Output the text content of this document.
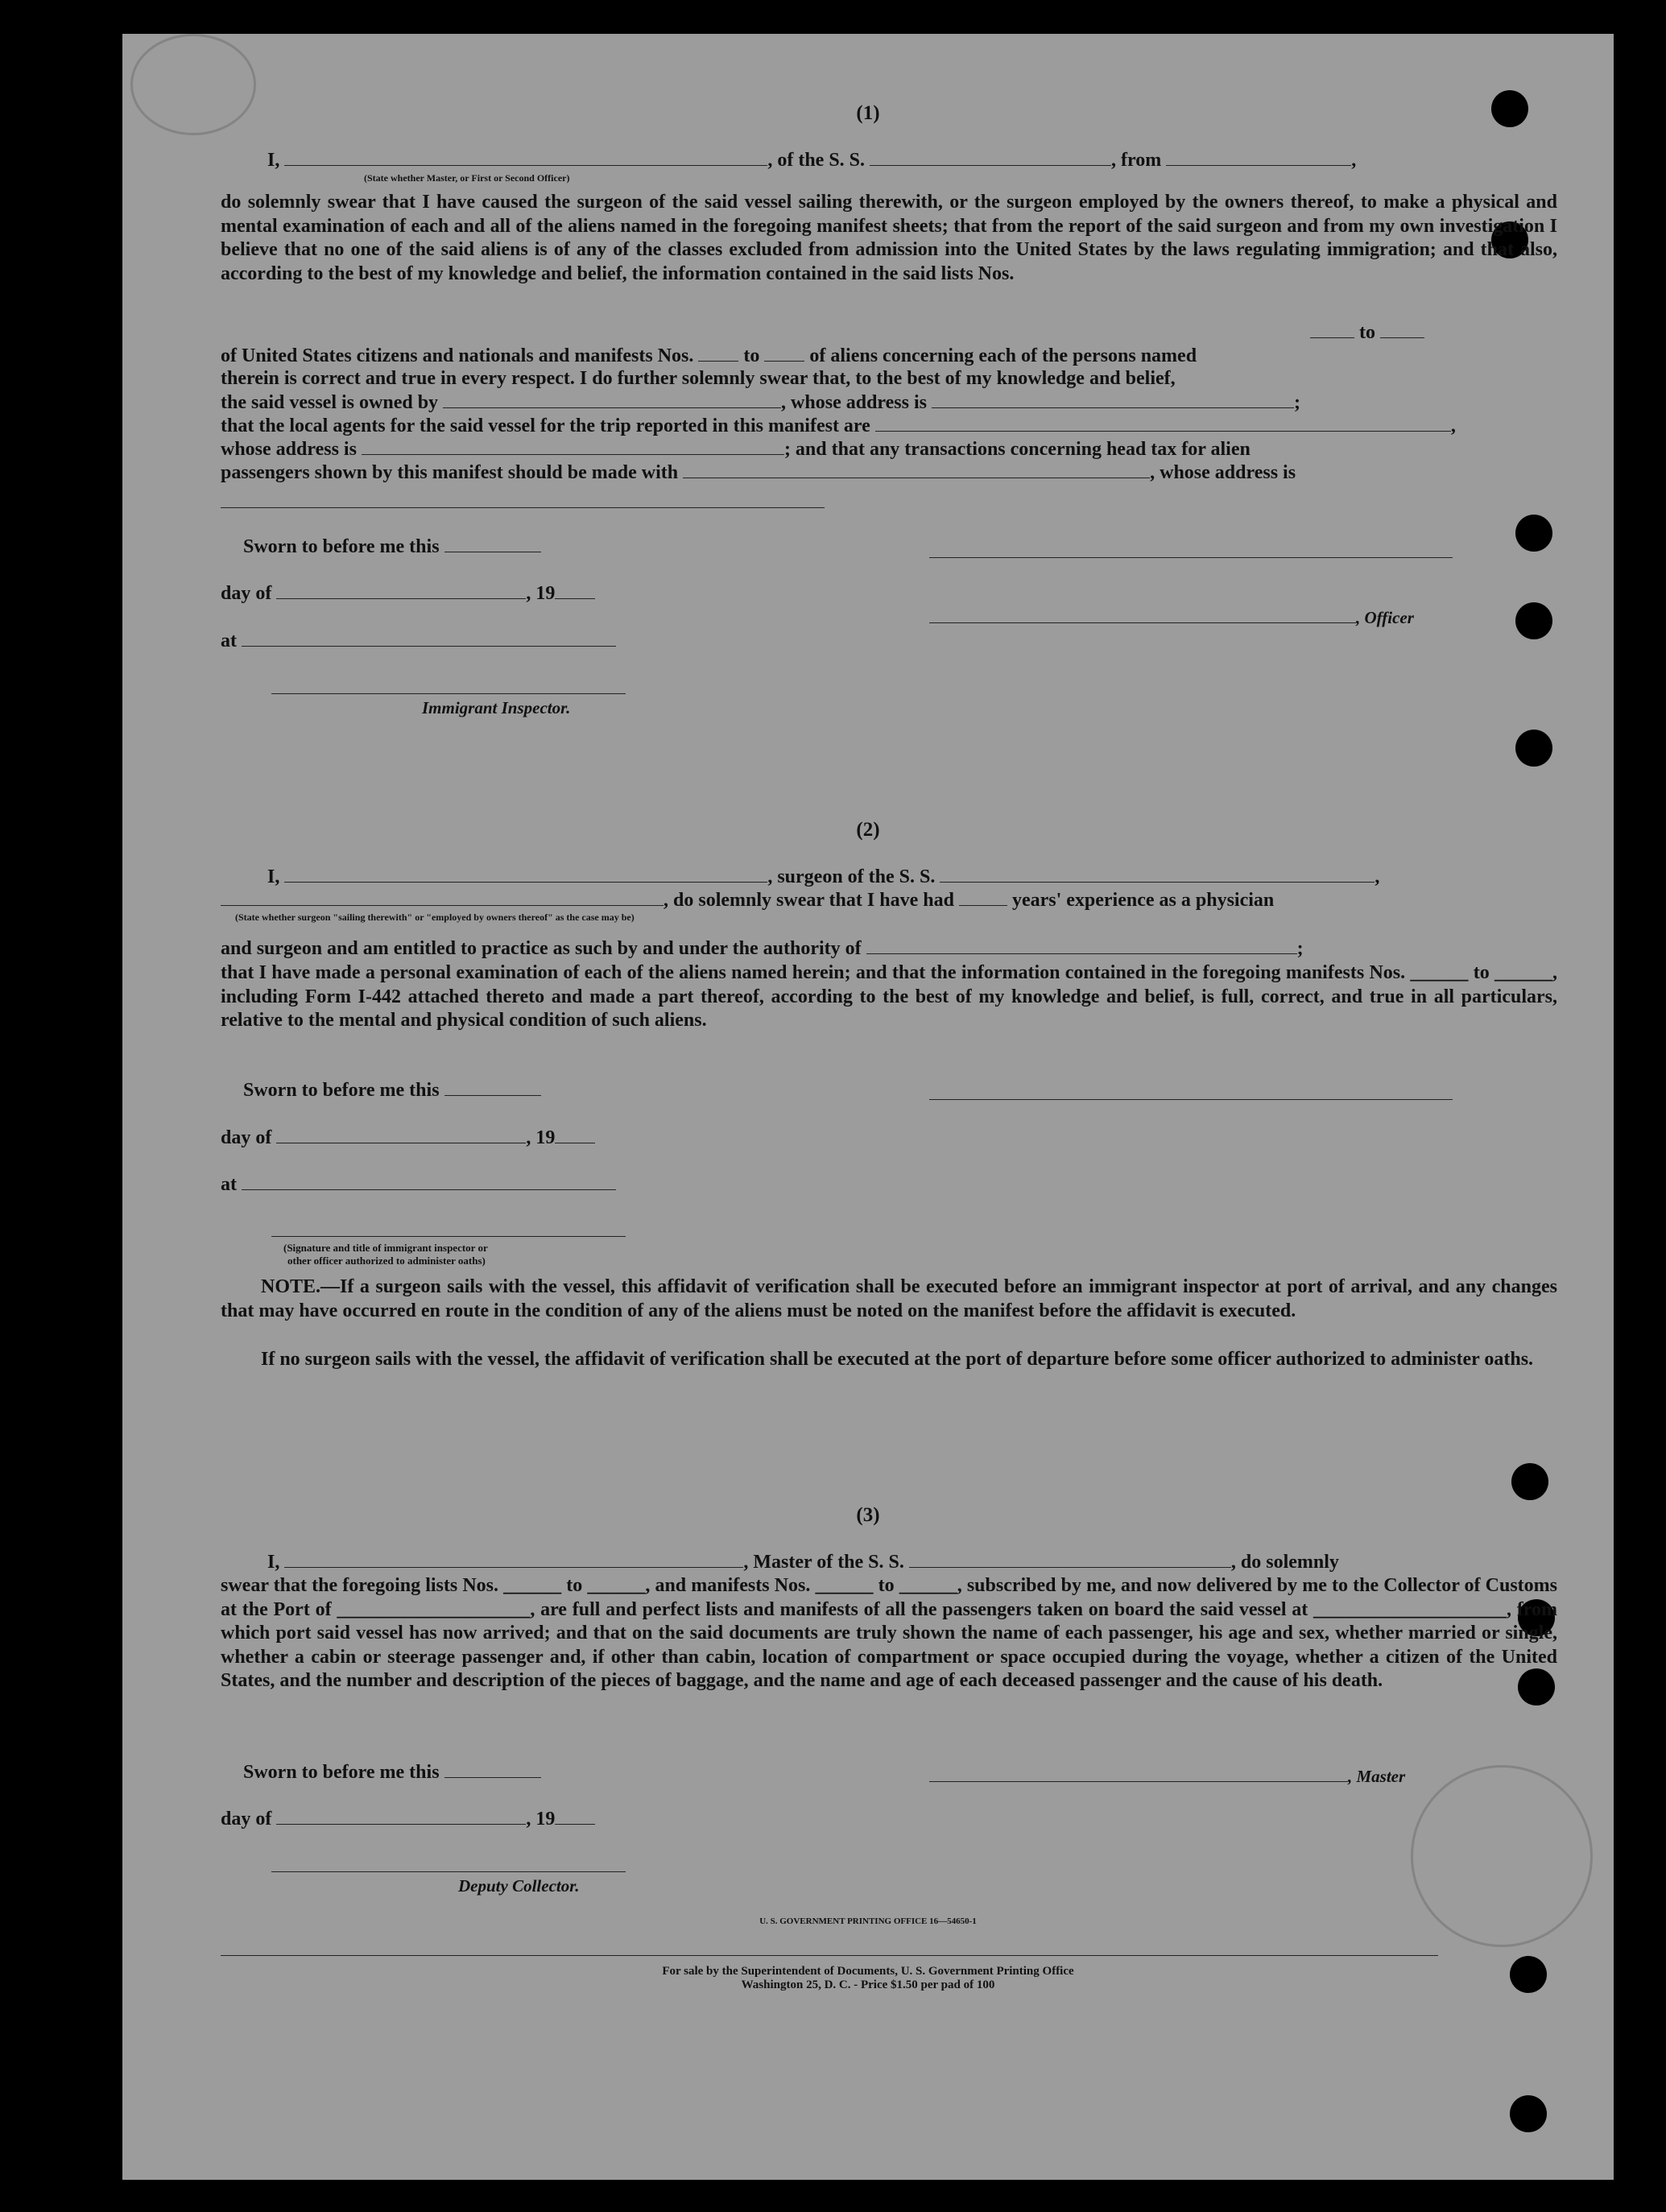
(1)
I,	, of the S. S.	, from	,
(State whether Master, or First or Second Officer)
do solemnly swear that I have caused the surgeon of the said vessel sailing therewith, or the surgeon employed by the owners thereof, to make a physical and mental examination of each and all of the aliens named in the foregoing manifest sheets; that from the report of the said surgeon and from my own investigation I believe that no one of the said aliens is of any of the classes excluded from admission into the United States by the laws regulating immigration; and that also, according to the best of my knowledge and belief, the information contained in the said lists Nos.
to
of United States citizens and nationals and manifests Nos.	to	of aliens concerning each of the persons named
therein is correct and true in every respect. I do further solemnly swear that, to the best of my knowledge and belief,
the said vessel is owned by	, whose address is	;
that the local agents for the said vessel for the trip reported in this manifest are	,
whose address is	; and that any transactions concerning head tax for alien
passengers shown by this manifest should be made with	, whose address is
Sworn to before me this
day of	, 19
, Officer
at
Immigrant Inspector.
(2)
I,	, surgeon of the S. S.	,
, do solemnly swear that I have had	years' experience as a physician
(State whether surgeon "sailing therewith" or "employed by owners thereof" as the case may be)
and surgeon and am entitled to practice as such by and under the authority of	;
that I have made a personal examination of each of the aliens named herein; and that the information contained in the foregoing manifests Nos. ______ to ______, including Form I-442 attached thereto and made a part thereof, according to the best of my knowledge and belief, is full, correct, and true in all particulars, relative to the mental and physical condition of such aliens.
Sworn to before me this
day of	, 19
at
(Signature and title of immigrant inspector or
other officer authorized to administer oaths)
NOTE.—If a surgeon sails with the vessel, this affidavit of verification shall be executed before an immigrant inspector at port of arrival, and any changes that may have occurred en route in the condition of any of the aliens must be noted on the manifest before the affidavit is executed.
If no surgeon sails with the vessel, the affidavit of verification shall be executed at the port of departure before some officer authorized to administer oaths.
(3)
I,	, Master of the S. S.	, do solemnly
swear that the foregoing lists Nos. ______ to ______, and manifests Nos. ______ to ______, subscribed by me, and now delivered by me to the Collector of Customs at the Port of ____________________, are full and perfect lists and manifests of all the passengers taken on board the said vessel at ____________________, from which port said vessel has now arrived; and that on the said documents are truly shown the name of each passenger, his age and sex, whether married or single, whether a cabin or steerage passenger and, if other than cabin, location of compartment or space occupied during the voyage, whether a citizen of the United States, and the number and description of the pieces of baggage, and the name and age of each deceased passenger and the cause of his death.
Sworn to before me this	, Master
day of	, 19
Deputy Collector.
U. S. GOVERNMENT PRINTING OFFICE 16—54650-1
For sale by the Superintendent of Documents, U. S. Government Printing Office
Washington 25, D. C. - Price $1.50 per pad of 100
